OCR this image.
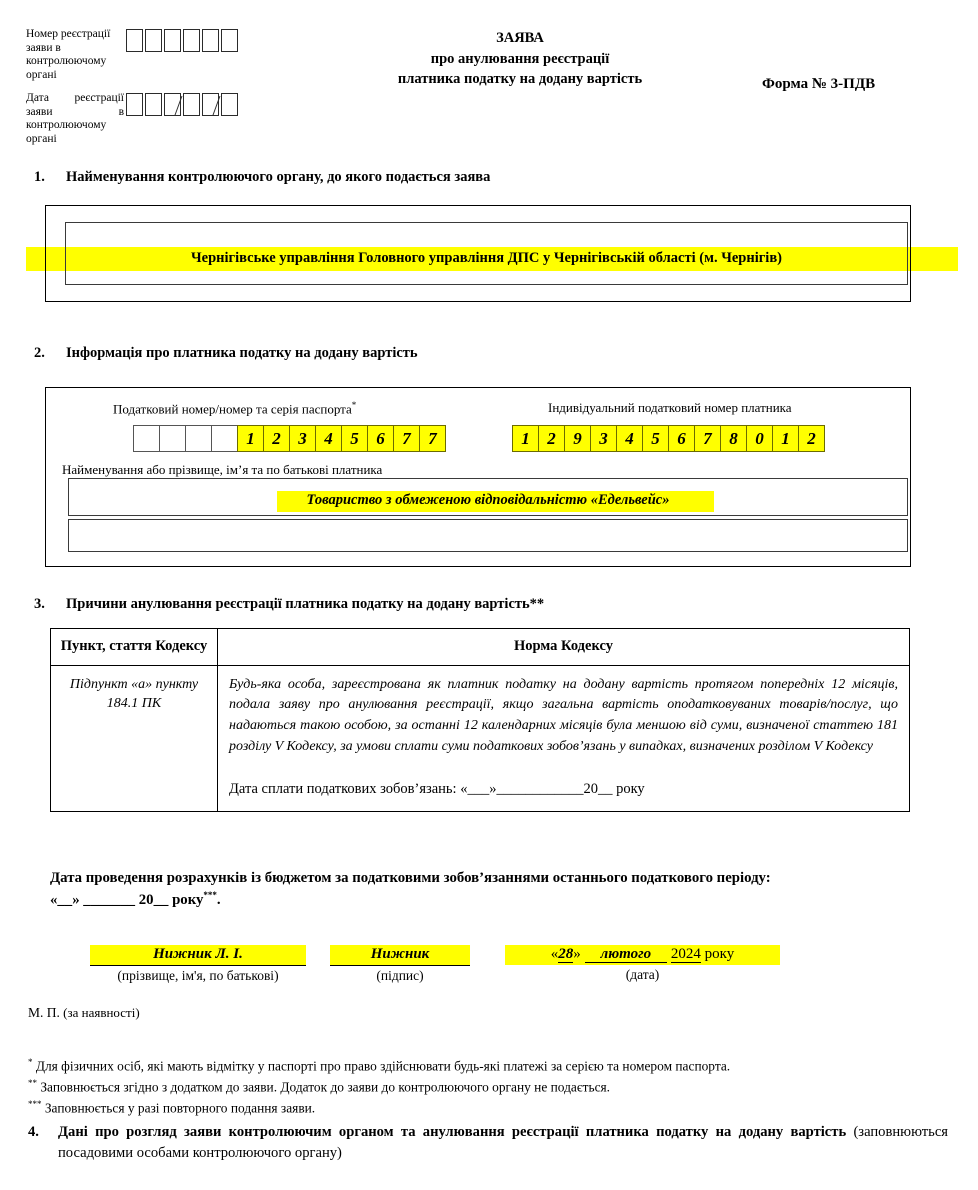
Номер реєстрації заяви в контролюючому органі
Дата реєстрації заяви в контролюючому органі
ЗАЯВА
про анулювання реєстрації
платника податку на додану вартість	Форма № 3-ПДВ
1.	Найменування контролюючого органу, до якого подається заява
Чернігівське управління Головного управління ДПС у Чернігівській області (м. Чернігів)
2.	Інформація про платника податку на додану вартість
Податковий номер/номер та серія паспорта*
1	2	3	4	5	6	7	7
Індивідуальний податковий номер платника
1	2	9	3	4	5	6	7	8	0	1	2
Найменування або прізвище, ім’я та по батькові платника
Товариство з обмеженою відповідальністю «Едельвейс»
3.	Причини анулювання реєстрації платника податку на додану вартість**
Пункт, стаття Кодексу	Норма Кодексу
Підпункт «а» пункту 184.1 ПК	Будь-яка особа, зареєстрована як платник податку на додану вартість протягом попередніх 12 місяців, подала заяву про анулювання реєстрації, якщо загальна вартість оподатковуваних товарів/послуг, що надаються такою особою, за останні 12 календарних місяців була меншою від суми, визначеної статтею 181 розділу V Кодексу, за умови сплати суми податкових зобов’язань у випадках, визначених розділом V Кодексу
Дата сплати податкових зобов’язань: «___»____________20__ року
Дата проведення розрахунків із бюджетом за податковими зобов’язаннями останнього податкового періоду:
«__» _______ 20__ року***.
Нижник Л. І.
(прізвище, ім'я, по батькові)
Нижник
(підпис)
«28» лютого 2024 року
(дата)
М. П. (за наявності)
* Для фізичних осіб, які мають відмітку у паспорті про право здійснювати будь-які платежі за серією та номером паспорта.
** Заповнюється згідно з додатком до заяви. Додаток до заяви до контролюючого органу не подається.
*** Заповнюється у разі повторного подання заяви.
4.	Дані про розгляд заяви контролюючим органом та анулювання реєстрації платника податку на додану вартість (заповнюються посадовими особами контролюючого органу)
